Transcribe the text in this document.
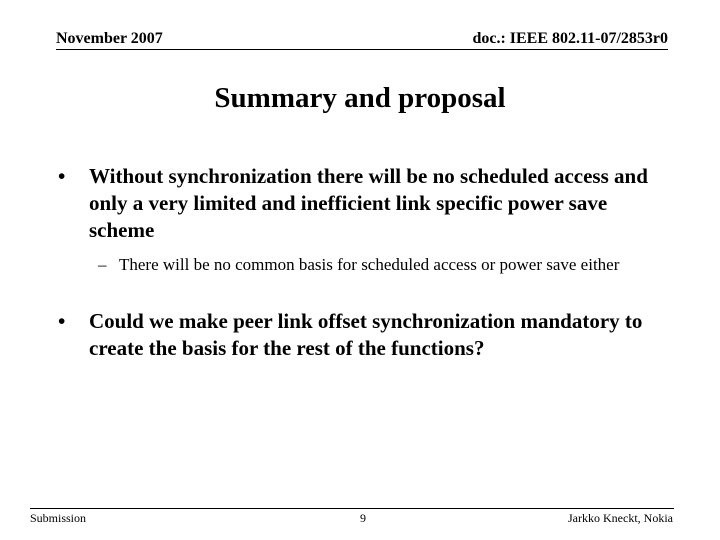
November 2007	doc.: IEEE 802.11-07/2853r0
Summary and proposal
• Without synchronization there will be no scheduled access and only a very limited and inefficient link specific power save scheme
– There will be no common basis for scheduled access or power save either
• Could we make peer link offset synchronization mandatory to create the basis for the rest of the functions?
Submission	9	Jarkko Kneckt, Nokia
